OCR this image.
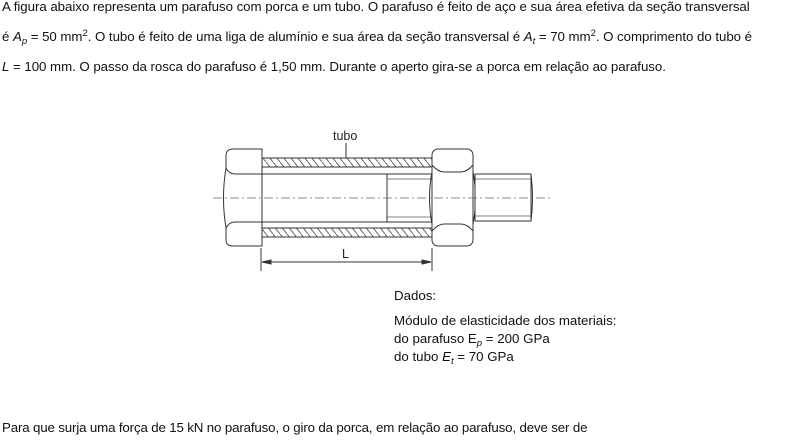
A figura abaixo representa um parafuso com porca e um tubo. O parafuso é feito de aço e sua área efetiva da seção transversal
é $A_p = 50$ $mm^2$. O tubo é feito de uma liga de alumínio e sua área da seção transversal é $A_t = 70$ $mm^2$. O comprimento do tubo é
L = 100 mm. O passo da rosca do parafuso é 1,50 mm. Durante o aperto gira-se a porca em relação ao parafuso.
tubo
L
Dados:
Módulo de elasticidade dos materiais:
do parafuso $E_p = 200$ GPa
do tubo $E_t = 70$ GPa
Para que surja uma força de 15 kN no parafuso, o giro da porca, em relação ao parafuso, deve ser de
